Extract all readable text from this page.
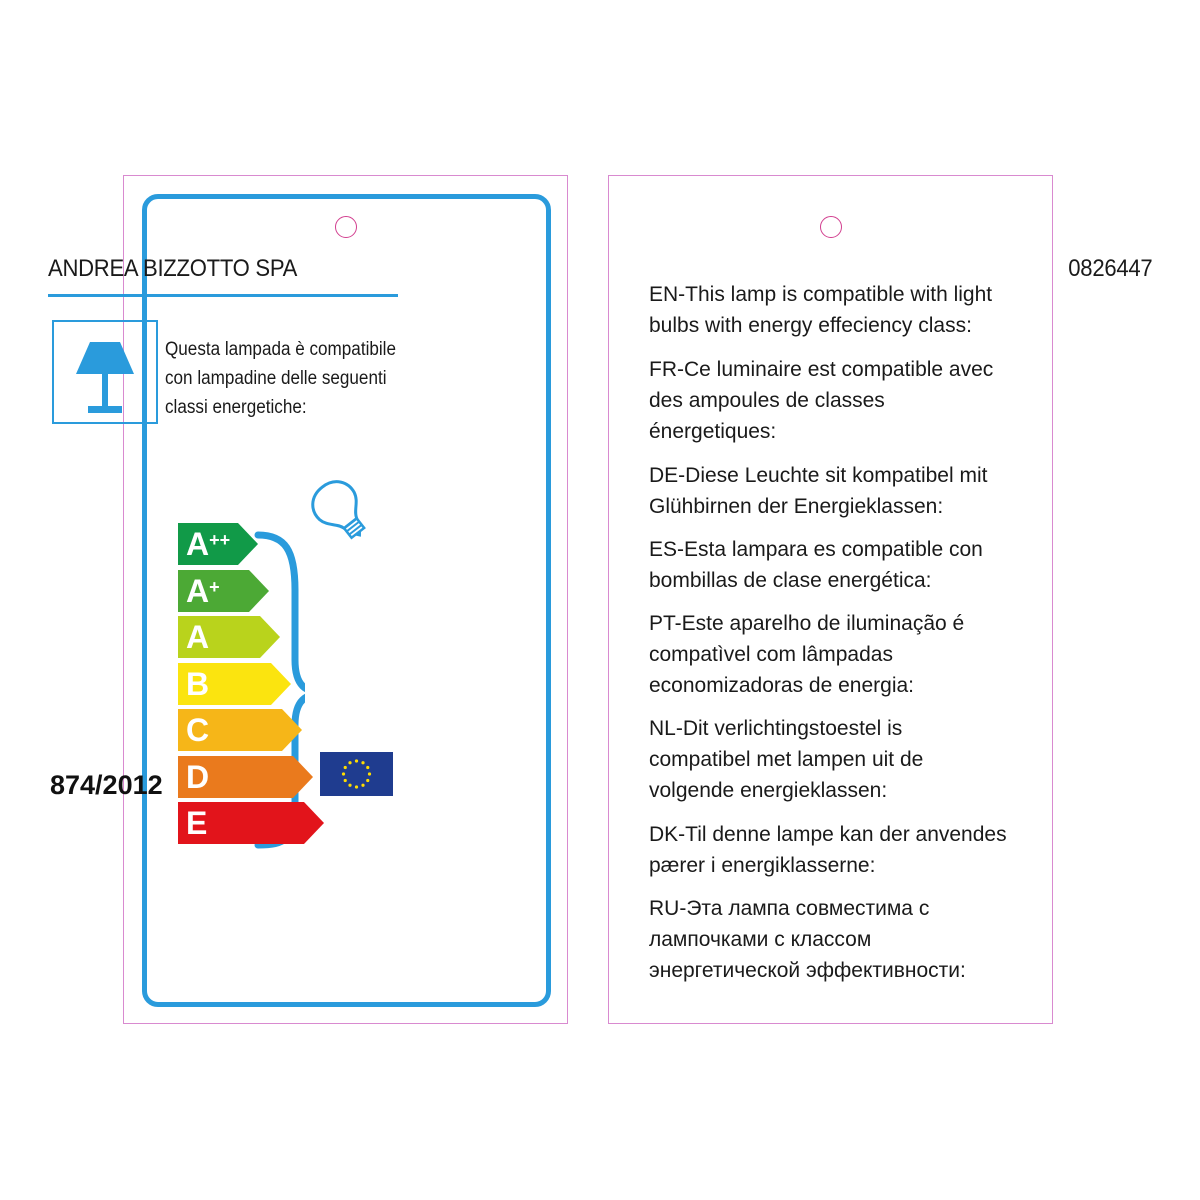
ANDREA BIZZOTTO SPA	0826447
Questa lampada è compatibile
con lampadine delle seguenti
classi energetiche:
874/2012
EN-This lamp is compatible with light
bulbs with energy effeciency class:
FR-Ce luminaire est compatible avec
des ampoules de classes
énergetiques:
DE-Diese Leuchte sit kompatibel mit
Glühbirnen der Energieklassen:
ES-Esta lampara es compatible con
bombillas de clase energética:
PT-Este aparelho de iluminação é
compatìvel com lâmpadas
economizadoras de energia:
NL-Dit verlichtingstoestel is
compatibel met lampen uit de
volgende energieklassen:
DK-Til denne lampe kan der anvendes
pærer i energiklasserne:
RU-Эта лампа совместима с
лампочками с классом
энергетической эффективности:
A++
A+
A
B
C
D
E
